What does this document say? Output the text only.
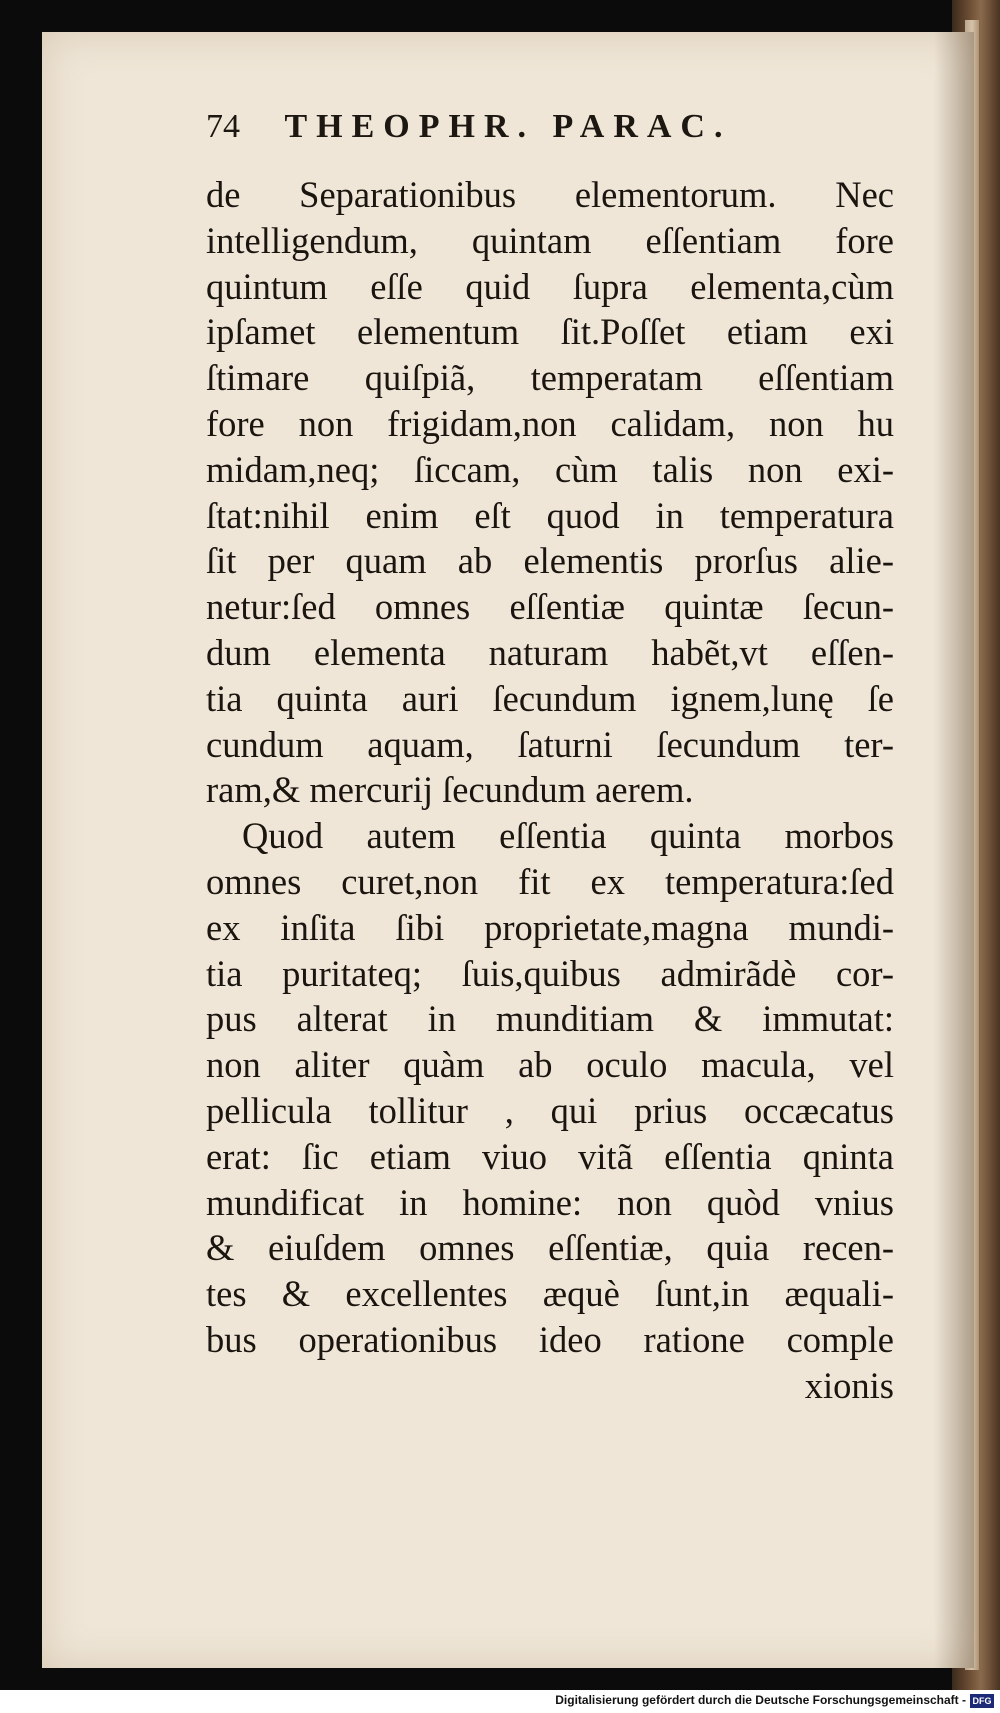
74 THEOPHR. PARAC.
de Separationibus elementorum. Nec
intelligendum, quintam eſſentiam fore
quintum eſſe quid ſupra elementa,cùm
ipſamet elementum ſit.Poſſet etiam exi
ſtimare quiſpiã, temperatam eſſentiam
fore non frigidam,non calidam, non hu
midam,neq; ſiccam, cùm talis non exi-
ſtat:nihil enim eſt quod in temperatura
ſit per quam ab elementis prorſus alie-
netur:ſed omnes eſſentiæ quintæ ſecun-
dum elementa naturam habẽt,vt eſſen-
tia quinta auri ſecundum ignem,lunę ſe
cundum aquam, ſaturni ſecundum ter-
ram,& mercurij ſecundum aerem.
Quod autem eſſentia quinta morbos
omnes curet,non fit ex temperatura:ſed
ex inſita ſibi proprietate,magna mundi-
tia puritateq; ſuis,quibus admirãdè cor-
pus alterat in munditiam & immutat:
non aliter quàm ab oculo macula, vel
pellicula tollitur , qui prius occæcatus
erat: ſic etiam viuo vitã eſſentia qninta
mundificat in homine: non quòd vnius
& eiuſdem omnes eſſentiæ, quia recen-
tes & excellentes æquè ſunt,in æquali-
bus operationibus ideo ratione comple
xionis
Digitalisierung gefördert durch die Deutsche Forschungsgemeinschaft - DFG
